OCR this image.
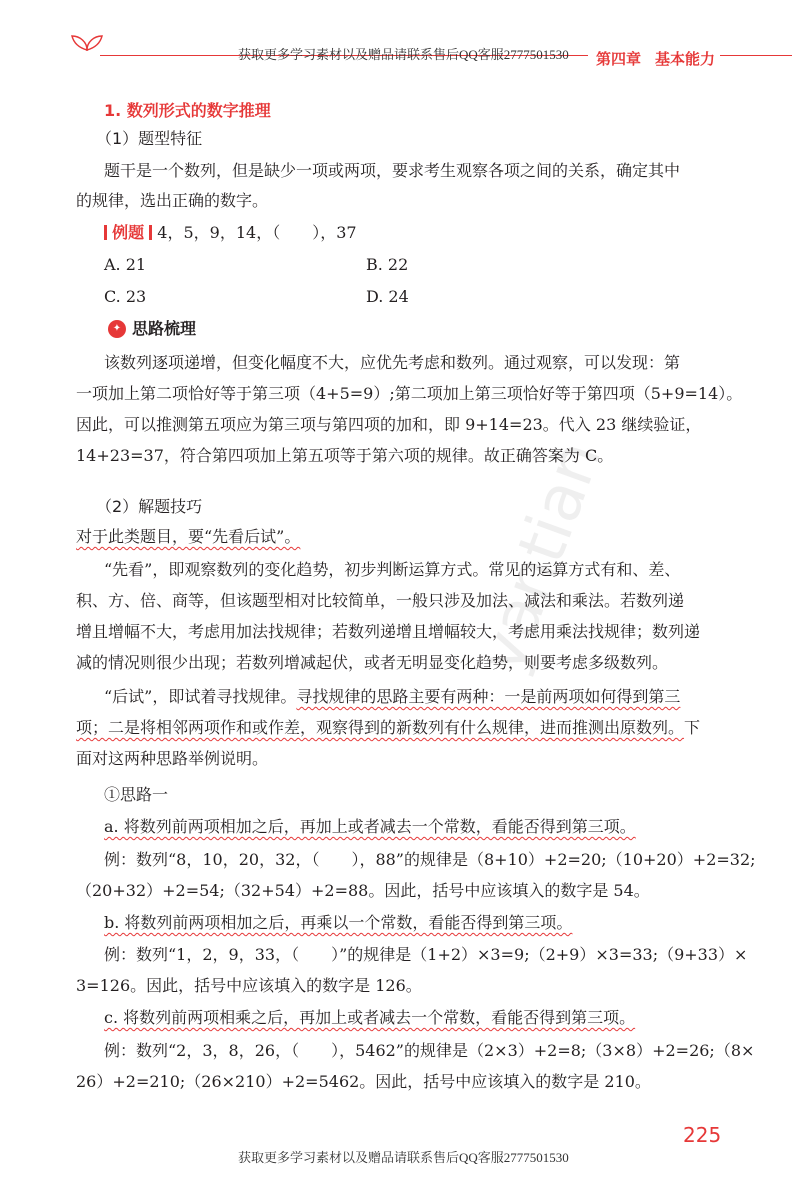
获取更多学习素材以及赠品请联系售后QQ客服2777501530 第四章 基本能力
yantian
1. 数列形式的数字推理
（1）题型特征
题干是一个数列，但是缺少一项或两项，要求考生观察各项之间的关系，确定其中
的规律，选出正确的数字。
例题 4，5，9，14，（　　），37
A. 21	B. 22
C. 23	D. 24
✦ 思路梳理
该数列逐项递增，但变化幅度不大，应优先考虑和数列。通过观察，可以发现：第
一项加上第二项恰好等于第三项（4+5=9）;第二项加上第三项恰好等于第四项（5+9=14）。
因此，可以推测第五项应为第三项与第四项的加和，即 9+14=23。代入 23 继续验证，
14+23=37，符合第四项加上第五项等于第六项的规律。故正确答案为 C。
（2）解题技巧
对于此类题目，要“先看后试”。
“先看”，即观察数列的变化趋势，初步判断运算方式。常见的运算方式有和、差、
积、方、倍、商等，但该题型相对比较简单，一般只涉及加法、减法和乘法。若数列递
增且增幅不大，考虑用加法找规律；若数列递增且增幅较大，考虑用乘法找规律；数列递
减的情况则很少出现；若数列增减起伏，或者无明显变化趋势，则要考虑多级数列。
“后试”，即试着寻找规律。寻找规律的思路主要有两种：一是前两项如何得到第三
项；二是将相邻两项作和或作差，观察得到的新数列有什么规律，进而推测出原数列。下
面对这两种思路举例说明。
①思路一
a. 将数列前两项相加之后，再加上或者减去一个常数，看能否得到第三项。
例：数列“8，10，20，32，（　　），88”的规律是（8+10）+2=20;（10+20）+2=32;
（20+32）+2=54;（32+54）+2=88。因此，括号中应该填入的数字是 54。
b. 将数列前两项相加之后，再乘以一个常数，看能否得到第三项。
例：数列“1，2，9，33，（　　）”的规律是（1+2）×3=9;（2+9）×3=33;（9+33）×
3=126。因此，括号中应该填入的数字是 126。
c. 将数列前两项相乘之后，再加上或者减去一个常数，看能否得到第三项。
例：数列“2，3，8，26，（　　），5462”的规律是（2×3）+2=8;（3×8）+2=26;（8×
26）+2=210;（26×210）+2=5462。因此，括号中应该填入的数字是 210。
225
获取更多学习素材以及赠品请联系售后QQ客服2777501530
